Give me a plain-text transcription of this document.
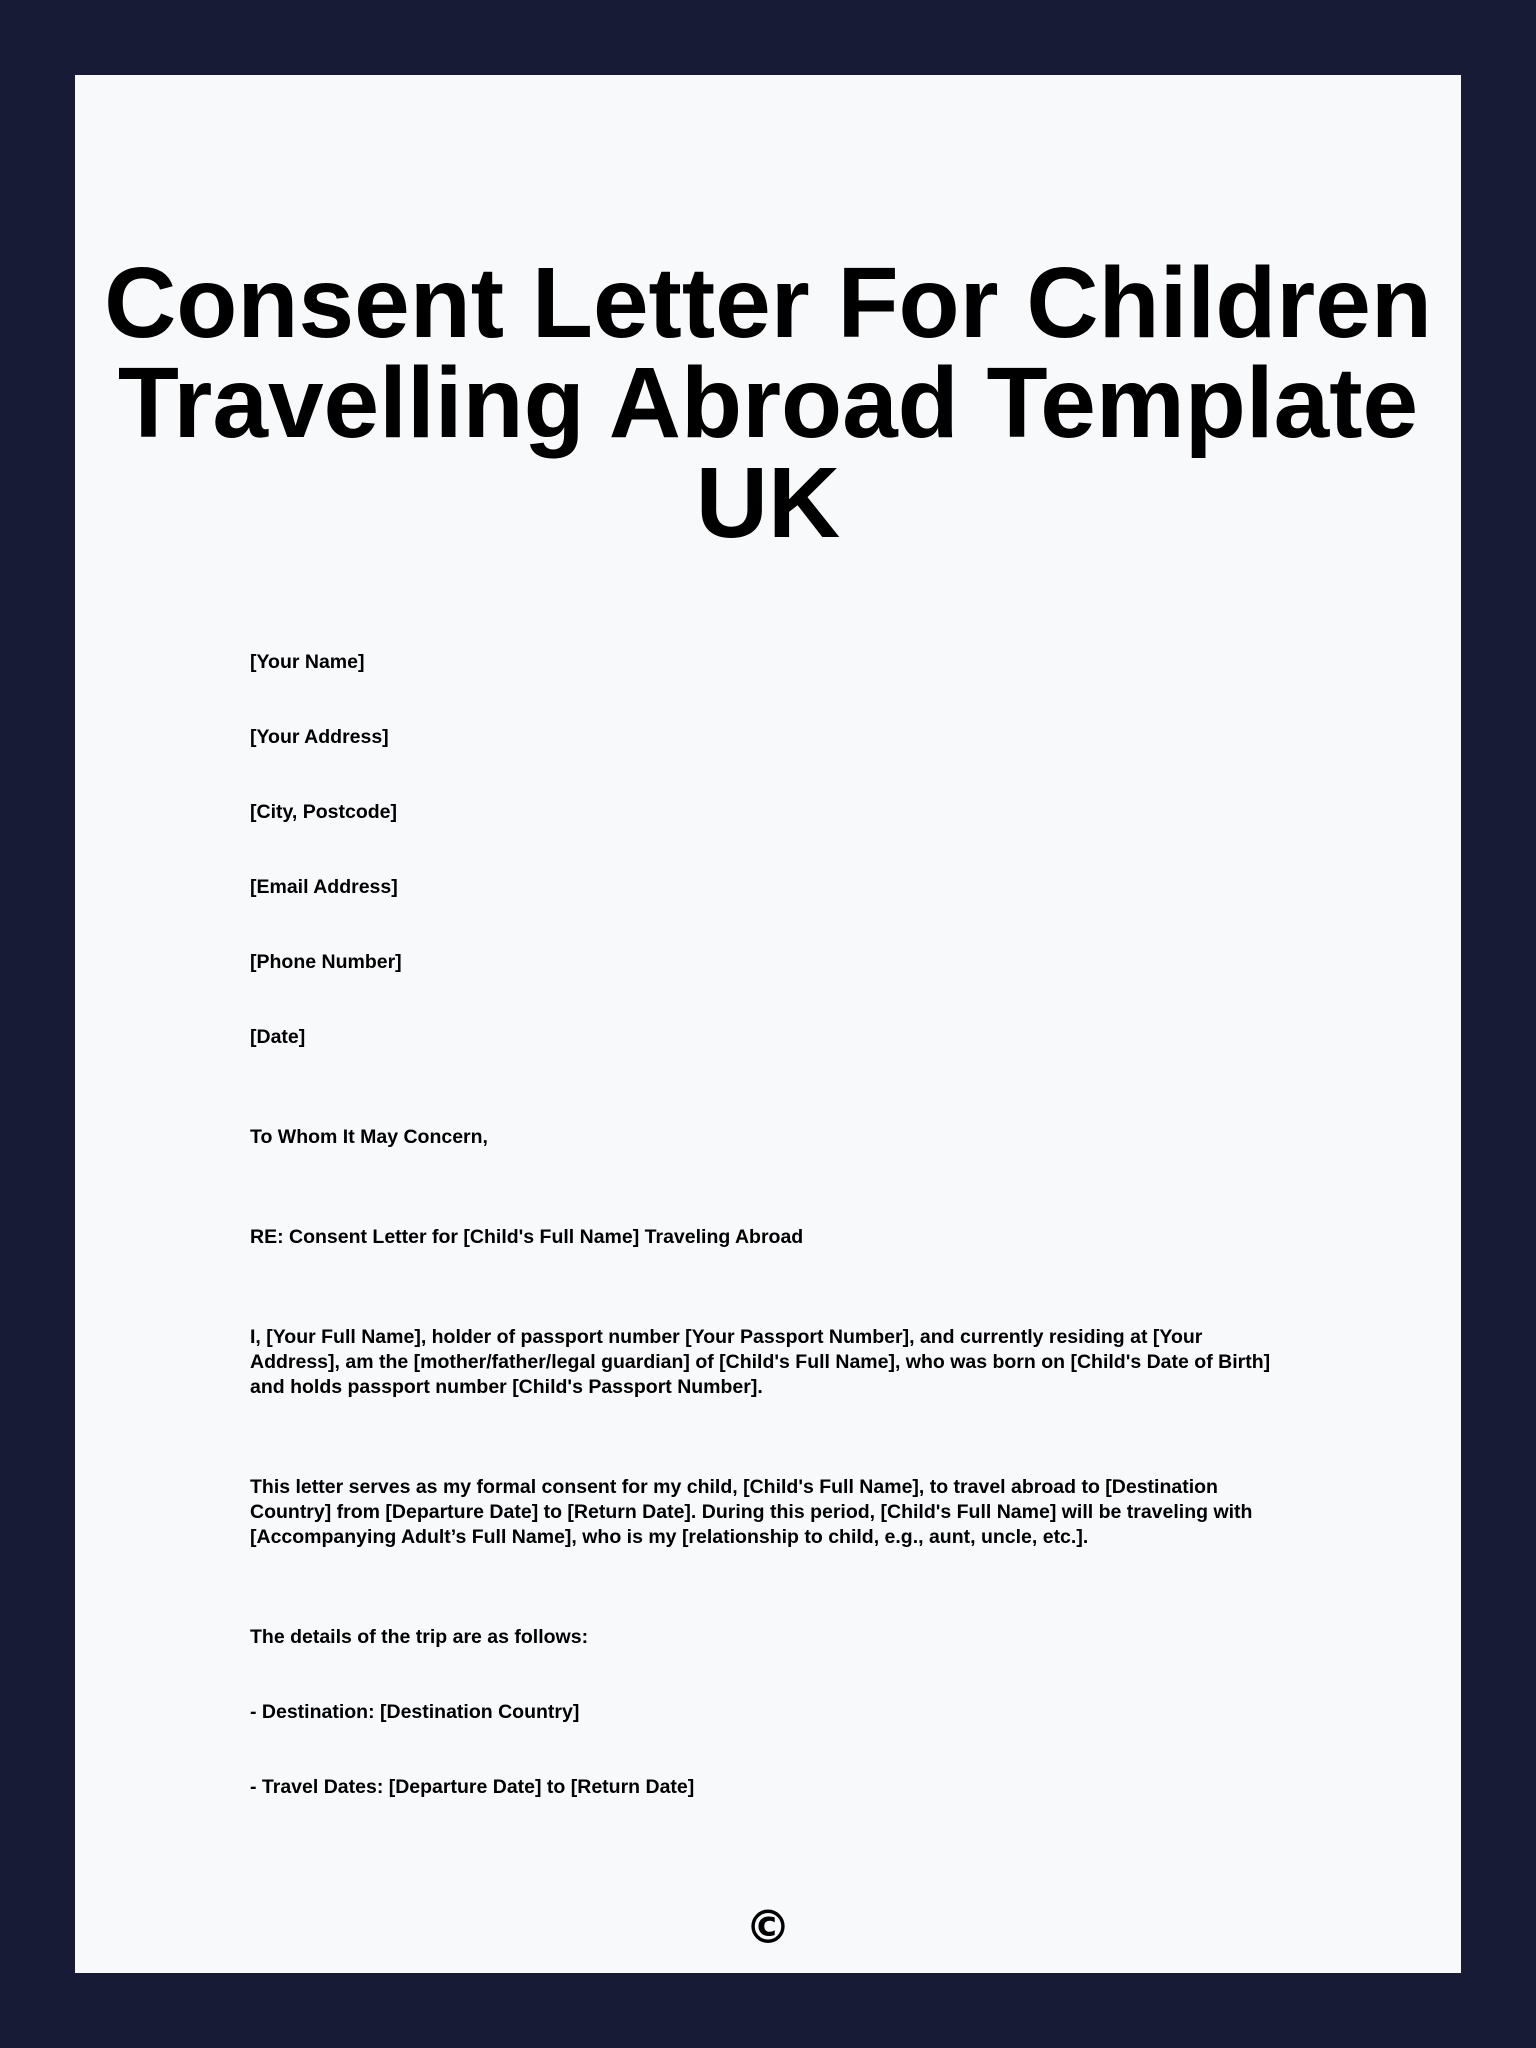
Consent Letter For Children
Travelling Abroad Template
UK

[Your Name]

[Your Address]

[City, Postcode]

[Email Address]

[Phone Number]

[Date]

To Whom It May Concern,

RE: Consent Letter for [Child's Full Name] Traveling Abroad

I, [Your Full Name], holder of passport number [Your Passport Number], and currently residing at [Your Address], am the [mother/father/legal guardian] of [Child's Full Name], who was born on [Child's Date of Birth] and holds passport number [Child's Passport Number].

This letter serves as my formal consent for my child, [Child's Full Name], to travel abroad to [Destination Country] from [Departure Date] to [Return Date]. During this period, [Child's Full Name] will be traveling with [Accompanying Adult’s Full Name], who is my [relationship to child, e.g., aunt, uncle, etc.].

The details of the trip are as follows:

- Destination: [Destination Country]

- Travel Dates: [Departure Date] to [Return Date]

©
